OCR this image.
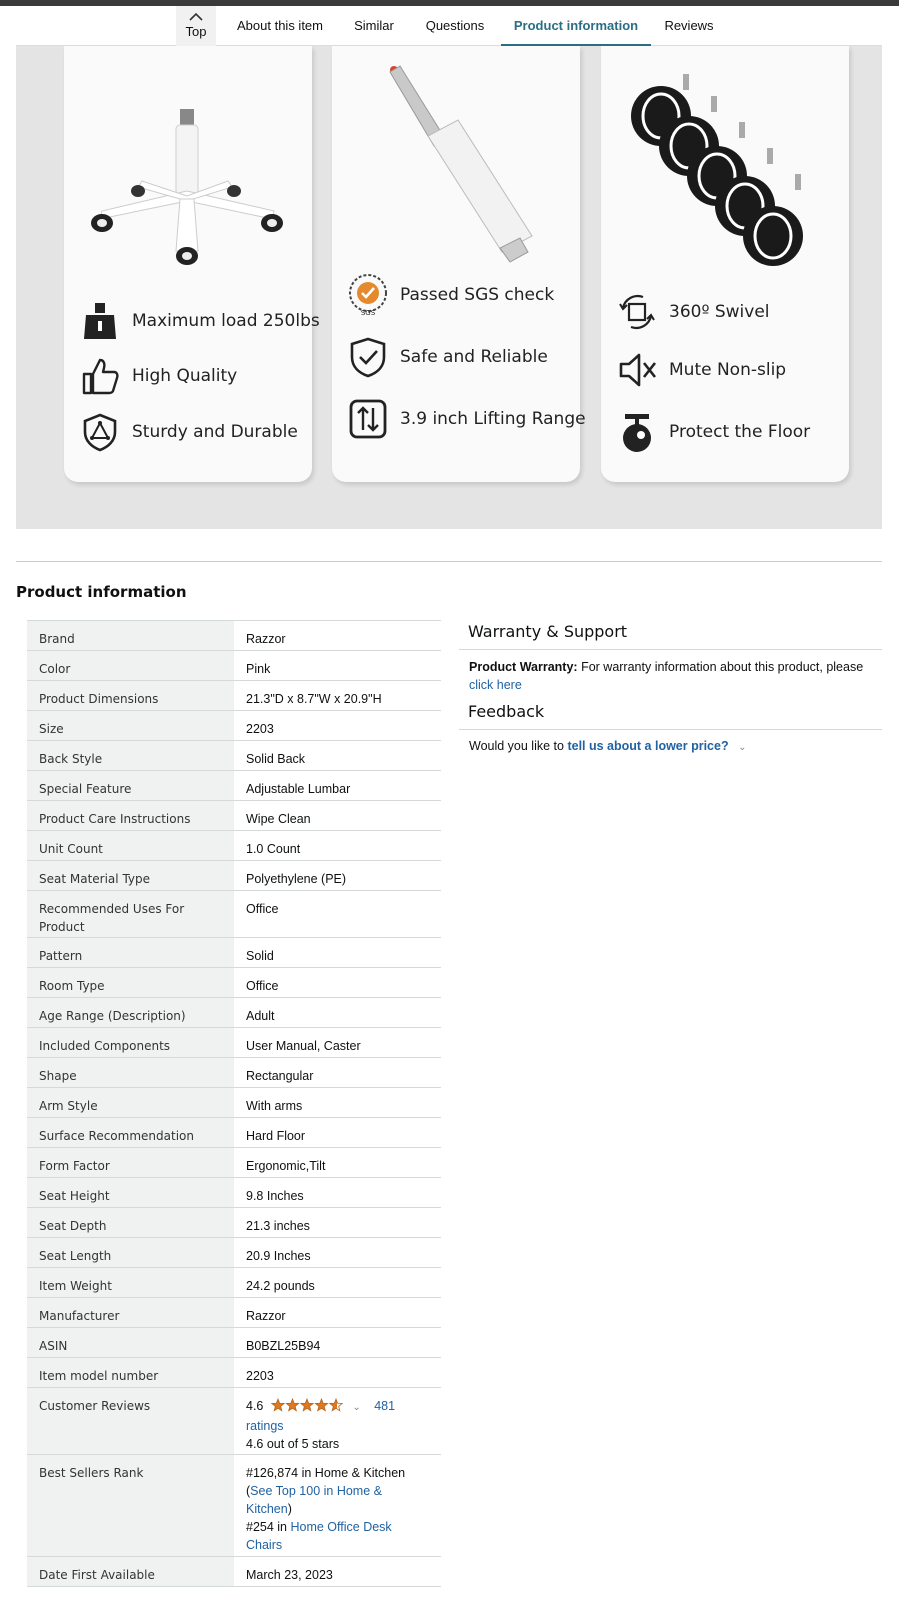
Top	About this item	Similar	Questions	Product information	Reviews
Maximum load 250lbs
High Quality
Sturdy and Durable
SGS
Passed SGS check
Safe and Reliable
3.9 inch Lifting Range
360º Swivel
Mute Non-slip
Protect the Floor
Product information
Brand	Razzor
Color	Pink
Product Dimensions	21.3"D x 8.7"W x 20.9"H
Size	2203
Back Style	Solid Back
Special Feature	Adjustable Lumbar
Product Care Instructions	Wipe Clean
Unit Count	1.0 Count
Seat Material Type	Polyethylene (PE)
Recommended Uses For Product	Office
Pattern	Solid
Room Type	Office
Age Range (Description)	Adult
Included Components	User Manual, Caster
Shape	Rectangular
Arm Style	With arms
Surface Recommendation	Hard Floor
Form Factor	Ergonomic,Tilt
Seat Height	9.8 Inches
Seat Depth	21.3 inches
Seat Length	20.9 Inches
Item Weight	24.2 pounds
Manufacturer	Razzor
ASIN	B0BZL25B94
Item model number	2203
Customer Reviews	4.6 ⌄ 481
ratings
4.6 out of 5 stars
Best Sellers Rank	#126,874 in Home & Kitchen
(See Top 100 in Home & Kitchen)
#254 in Home Office Desk Chairs
Date First Available	March 23, 2023
Warranty & Support
Product Warranty: For warranty information about this product, please
click here
Feedback
Would you like to tell us about a lower price? ⌄
